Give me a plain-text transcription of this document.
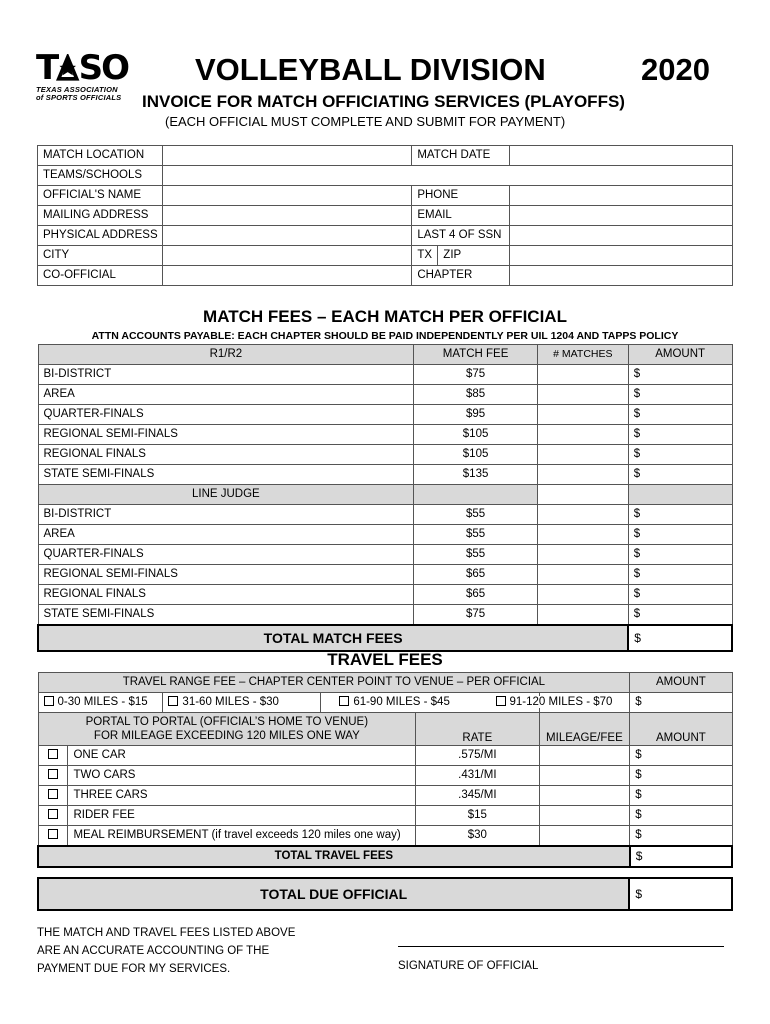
T SO
TEXAS ASSOCIATION
of SPORTS OFFICIALS
VOLLEYBALL DIVISION	2020
INVOICE FOR MATCH OFFICIATING SERVICES (PLAYOFFS)
(EACH OFFICIAL MUST COMPLETE AND SUBMIT FOR PAYMENT)
MATCH LOCATION		MATCH DATE		
TEAMS/SCHOOLS				
OFFICIAL'S NAME		PHONE		
MAILING ADDRESS		EMAIL		
PHYSICAL ADDRESS		LAST 4 OF SSN		
CITY		TX	ZIP	
CO-OFFICIAL		CHAPTER		
MATCH FEES – EACH MATCH PER OFFICIAL
ATTN ACCOUNTS PAYABLE: EACH CHAPTER SHOULD BE PAID INDEPENDENTLY PER UIL 1204 AND TAPPS POLICY
R1/R2	MATCH FEE	# MATCHES	AMOUNT
BI-DISTRICT	$75		$
AREA	$85		$
QUARTER-FINALS	$95		$
REGIONAL SEMI-FINALS	$105		$
REGIONAL FINALS	$105		$
STATE SEMI-FINALS	$135		$
LINE JUDGE			
BI-DISTRICT	$55		$
AREA	$55		$
QUARTER-FINALS	$55		$
REGIONAL SEMI-FINALS	$65		$
REGIONAL FINALS	$65		$
STATE SEMI-FINALS	$75		$
TOTAL MATCH FEES			$
TRAVEL FEES
TRAVEL RANGE FEE – CHAPTER CENTER POINT TO VENUE – PER OFFICIAL						AMOUNT
0-30 MILES - $15		31-60 MILES - $30	61-90 MILES - $45		91-120 MILES - $70	$

PORTAL TO PORTAL (OFFICIAL’S HOME TO VENUE)
FOR MILEAGE EXCEEDING 120 MILES ONE WAY				RATE	MILEAGE/FEE	AMOUNT
	ONE CAR			.575/MI		$
	TWO CARS			.431/MI		$
	THREE CARS			.345/MI		$
	RIDER FEE			$15		$
	MEAL REIMBURSEMENT (if travel exceeds 120 miles one way)			$30		$
TOTAL TRAVEL FEES						$
TOTAL DUE OFFICIAL	$
THE MATCH AND TRAVEL FEES LISTED ABOVE
ARE AN ACCURATE ACCOUNTING OF THE
PAYMENT DUE FOR MY SERVICES.	SIGNATURE OF OFFICIAL
